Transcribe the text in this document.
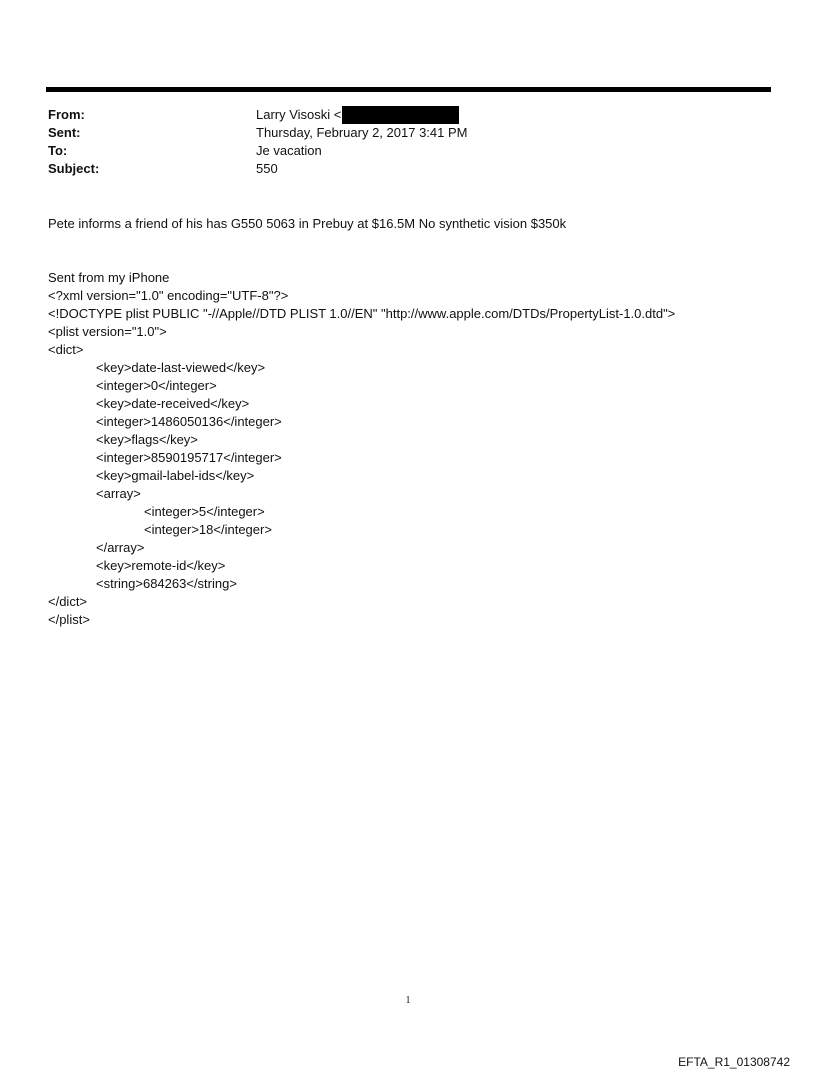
From:	Larry Visoski <
Sent:	Thursday, February 2, 2017 3:41 PM
To:	Je vacation
Subject:	550
Pete informs a friend of his has G550 5063 in Prebuy at $16.5M No synthetic vision $350k
Sent from my iPhone
<?xml version="1.0" encoding="UTF-8"?>
<!DOCTYPE plist PUBLIC "-//Apple//DTD PLIST 1.0//EN" "http://www.apple.com/DTDs/PropertyList-1.0.dtd">
<plist version="1.0">
<dict>
<key>date-last-viewed</key>
<integer>0</integer>
<key>date-received</key>
<integer>1486050136</integer>
<key>flags</key>
<integer>8590195717</integer>
<key>gmail-label-ids</key>
<array>
<integer>5</integer>
<integer>18</integer>
</array>
<key>remote-id</key>
<string>684263</string>
</dict>
</plist>
1
EFTA_R1_01308742
